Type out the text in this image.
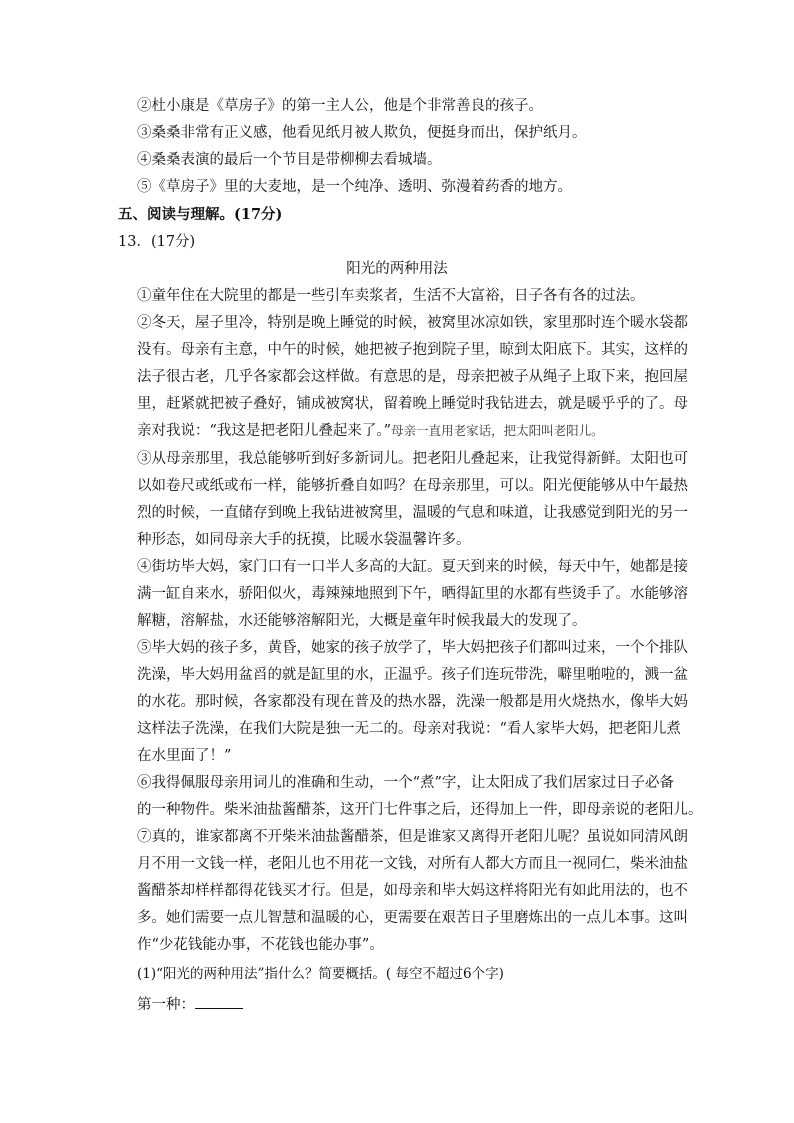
②杜小康是《草房子》的第一主人公，他是个非常善良的孩子。
③桑桑非常有正义感，他看见纸月被人欺负，便挺身而出，保护纸月。
④桑桑表演的最后一个节目是带柳柳去看城墙。
⑤《草房子》里的大麦地，是一个纯净、透明、弥漫着药香的地方。
五、阅读与理解。(17分)
13．(17分)
阳光的两种用法
①童年住在大院里的都是一些引车卖浆者，生活不大富裕，日子各有各的过法。
②冬天，屋子里冷，特别是晚上睡觉的时候，被窝里冰凉如铁，家里那时连个暖水袋都
没有。母亲有主意，中午的时候，她把被子抱到院子里，晾到太阳底下。其实，这样的
法子很古老，几乎各家都会这样做。有意思的是，母亲把被子从绳子上取下来，抱回屋
里，赶紧就把被子叠好，铺成被窝状，留着晚上睡觉时我钻进去，就是暖乎乎的了。母
亲对我说：“我这是把老阳儿叠起来了。”母亲一直用老家话，把太阳叫老阳儿。
③从母亲那里，我总能够听到好多新词儿。把老阳儿叠起来，让我觉得新鲜。太阳也可
以如卷尺或纸或布一样，能够折叠自如吗？在母亲那里，可以。阳光便能够从中午最热
烈的时候，一直储存到晚上我钻进被窝里，温暖的气息和味道，让我感觉到阳光的另一
种形态，如同母亲大手的抚摸，比暖水袋温馨许多。
④街坊毕大妈，家门口有一口半人多高的大缸。夏天到来的时候，每天中午，她都是接
满一缸自来水，骄阳似火，毒辣辣地照到下午，晒得缸里的水都有些烫手了。水能够溶
解糖，溶解盐，水还能够溶解阳光，大概是童年时候我最大的发现了。
⑤毕大妈的孩子多，黄昏，她家的孩子放学了，毕大妈把孩子们都叫过来，一个个排队
洗澡，毕大妈用盆舀的就是缸里的水，正温乎。孩子们连玩带洗，噼里啪啦的，溅一盆
的水花。那时候，各家都没有现在普及的热水器，洗澡一般都是用火烧热水，像毕大妈
这样法子洗澡，在我们大院是独一无二的。母亲对我说：“看人家毕大妈，把老阳儿煮
在水里面了！”
⑥我得佩服母亲用词儿的准确和生动，一个“煮”字，让太阳成了我们居家过日子必备
的一种物件。柴米油盐酱醋茶，这开门七件事之后，还得加上一件，即母亲说的老阳儿。
⑦真的，谁家都离不开柴米油盐酱醋茶，但是谁家又离得开老阳儿呢？虽说如同清风朗
月不用一文钱一样，老阳儿也不用花一文钱，对所有人都大方而且一视同仁，柴米油盐
酱醋茶却样样都得花钱买才行。但是，如母亲和毕大妈这样将阳光有如此用法的，也不
多。她们需要一点儿智慧和温暖的心，更需要在艰苦日子里磨炼出的一点儿本事。这叫
作“少花钱能办事，不花钱也能办事”。
(1)“阳光的两种用法”指什么？简要概括。( 每空不超过6个字)
第一种：
